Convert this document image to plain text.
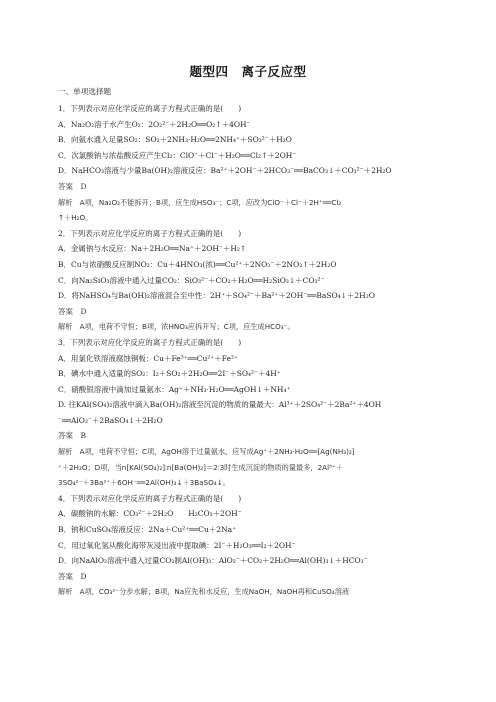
题型四　离子反应型
一、单项选择题
1．下列表示对应化学反应的离子方程式正确的是(　　)
A．Na₂O₂溶于水产生O₂：2O₂²⁻＋2H₂O══O₂↑＋4OH⁻
B．向氨水通入足量SO₂：SO₂＋2NH₃·H₂O══2NH₄⁺＋SO₃²⁻＋H₂O
C．次氯酸钠与浓盐酸反应产生Cl₂：ClO⁻＋Cl⁻＋H₂O══Cl₂↑＋2OH⁻
D．NaHCO₃溶液与少量Ba(OH)₂溶液反应：Ba²⁺＋2OH⁻＋2HCO₃⁻══BaCO₃↓＋CO₃²⁻＋2H₂O
答案　D
解析　A项，Na₂O₂不能拆开；B项，应生成HSO₃⁻；C项，应改为ClO⁻＋Cl⁻＋2H⁺══Cl₂
↑＋H₂O。
2．下列表示对应化学反应的离子方程式正确的是(　　)
A．金属钠与水反应：Na＋2H₂O══Na⁺＋2OH⁻＋H₂↑
B．Cu与浓硝酸反应制NO₂：Cu＋4HNO₃(浓)══Cu²⁺＋2NO₃⁻＋2NO₂↑＋2H₂O
C．向Na₂SiO₃溶液中通入过量CO₂：SiO₃²⁻＋CO₂＋H₂O══H₂SiO₃↓＋CO₃²⁻
D．将NaHSO₄与Ba(OH)₂溶液混合至中性：2H⁺＋SO₄²⁻＋Ba²⁺＋2OH⁻══BaSO₄↓＋2H₂O
答案　D
解析　A项，电荷不守恒；B项，浓HNO₃应拆开写；C项，应生成HCO₃⁻。
3．下列表示对应化学反应的离子方程式正确的是(　　)
A．用氯化铁溶液腐蚀铜板：Cu＋Fe³⁺══Cu²⁺＋Fe²⁺
B．碘水中通入适量的SO₂：I₂＋SO₂＋2H₂O══2I⁻＋SO₄²⁻＋4H⁺
C．硝酸银溶液中滴加过量氨水：Ag⁺＋NH₃·H₂O══AgOH↓＋NH₄⁺
D. 往KAl(SO₄)₂溶液中滴入Ba(OH)₂溶液至沉淀的物质的量最大：Al³⁺＋2SO₄²⁻＋2Ba²⁺＋4OH
⁻══AlO₂⁻＋2BaSO₄↓＋2H₂O
答案　B
解析　A项，电荷不守恒；C项，AgOH溶于过量氨水，应写成Ag⁺＋2NH₃·H₂O══[Ag(NH₃)₂]
⁺＋2H₂O；D项，当n[KAl(SO₄)₂]∶n[Ba(OH)₂]＝2∶3时生成沉淀的物质的量最多，2Al³⁺＋
3SO₄²⁻＋3Ba²⁺＋6OH⁻══2Al(OH)₃↓＋3BaSO₄↓。
4．下列表示对应化学反应的离子方程式正确的是(　　)
A．碳酸钠的水解：CO₃²⁻＋2H₂O　　H₂CO₃＋2OH⁻
B．钠和CuSO₄溶液反应：2Na＋Cu²⁺══Cu＋2Na⁺
C．用过氧化氢从酸化海带灰浸出液中提取碘：2I⁻＋H₂O₂══I₂＋2OH⁻
D．向NaAlO₂溶液中通入过量CO₂制Al(OH)₃：AlO₂⁻＋CO₂＋2H₂O══Al(OH)₃↓＋HCO₃⁻
答案　D
解析　A项，CO₃²⁻分步水解；B项，Na应先和水反应，生成NaOH，NaOH再和CuSO₄溶液
